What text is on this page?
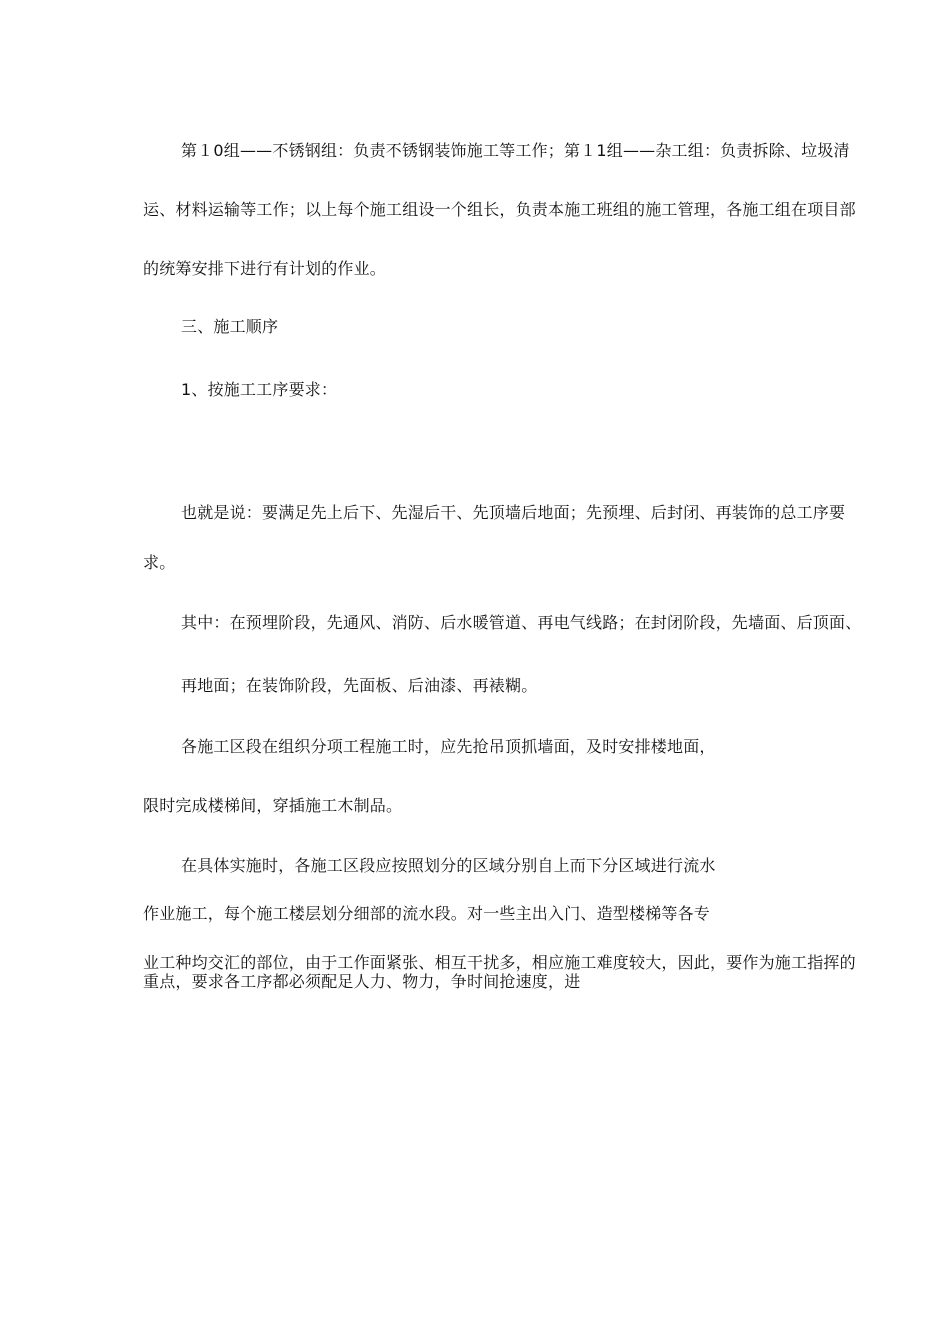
第１0组——不锈钢组：负责不锈钢装饰施工等工作；第１1组——杂工组：负责拆除、垃圾清

运、材料运输等工作；以上每个施工组设一个组长，负责本施工班组的施工管理，各施工组在项目部

的统筹安排下进行有计划的作业。

三、施工顺序

1、按施工工序要求：

也就是说：要满足先上后下、先湿后干、先顶墙后地面；先预埋、后封闭、再装饰的总工序要

求。

其中：在预埋阶段，先通风、消防、后水暖管道、再电气线路；在封闭阶段，先墙面、后顶面、

再地面；在装饰阶段，先面板、后油漆、再裱糊。

各施工区段在组织分项工程施工时，应先抢吊顶抓墙面，及时安排楼地面，

限时完成楼梯间，穿插施工木制品。

在具体实施时，各施工区段应按照划分的区域分别自上而下分区域进行流水

作业施工，每个施工楼层划分细部的流水段。对一些主出入门、造型楼梯等各专

业工种均交汇的部位，由于工作面紧张、相互干扰多，相应施工难度较大，因此，要作为施工指挥的

重点，要求各工序都必须配足人力、物力，争时间抢速度，进
